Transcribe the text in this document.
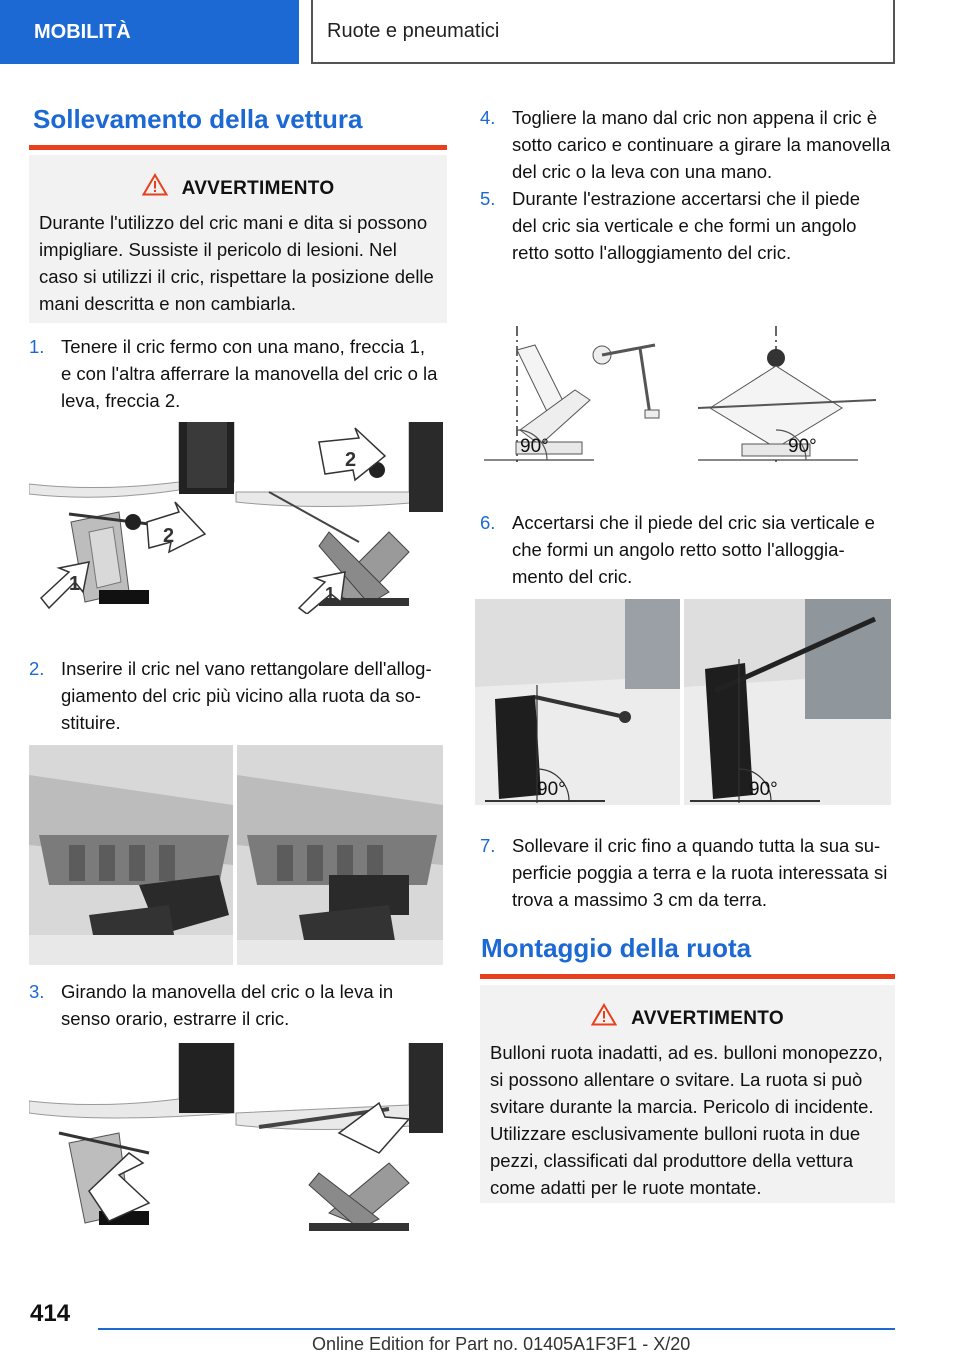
MOBILITÀ	Ruote e pneumatici
Sollevamento della vettura
AVVERTIMENTO
Durante l'utilizzo del cric mani e dita si possono
impigliare. Sussiste il pericolo di lesioni. Nel
caso si utilizzi il cric, rispettare la posizione delle
mani descritta e non cambiarla.
1. Tenere il cric fermo con una mano, freccia 1,
e con l'altra afferrare la manovella del cric o la
leva, freccia 2.
1
2
2
1
2. Inserire il cric nel vano rettangolare dell'allog-
giamento del cric più vicino alla ruota da so-
stituire.
3. Girando la manovella del cric o la leva in
senso orario, estrarre il cric.
4. Togliere la mano dal cric non appena il cric è
sotto carico e continuare a girare la manovella
del cric o la leva con una mano.
5. Durante l'estrazione accertarsi che il piede
del cric sia verticale e che formi un angolo
retto sotto l'alloggiamento del cric.
90°	90°
6. Accertarsi che il piede del cric sia verticale e
che formi un angolo retto sotto l'alloggia-
mento del cric.
90°	90°
7. Sollevare il cric fino a quando tutta la sua su-
perficie poggia a terra e la ruota interessata si
trova a massimo 3 cm da terra.
Montaggio della ruota
AVVERTIMENTO
Bulloni ruota inadatti, ad es. bulloni monopezzo,
si possono allentare o svitare. La ruota si può
svitare durante la marcia. Pericolo di incidente.
Utilizzare esclusivamente bulloni ruota in due
pezzi, classificati dal produttore della vettura
come adatti per le ruote montate.
414
Online Edition for Part no. 01405A1F3F1 - X/20
